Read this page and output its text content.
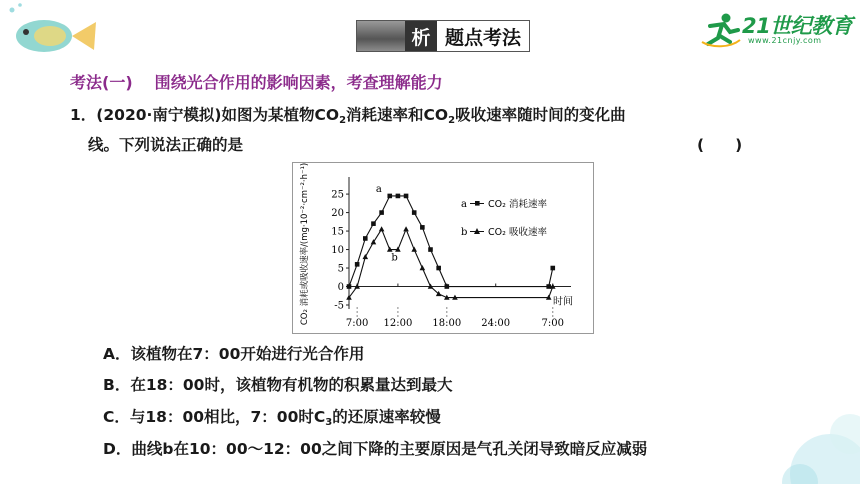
析 题点考法	21世纪教育
www.21cnjy.com
考法(一) 围绕光合作用的影响因素，考查理解能力
1．(2020·南宁模拟)如图为某植物$CO_2$消耗速率和$CO_2$吸收速率随时间的变化曲
线。下列说法正确的是	(　　)
25
20
15
10
5
0
-5
7:00 12:00 18:00 24:00	7:00
时间
CO₂ 消耗或吸收速率/(mg·10⁻²·cm⁻²·h⁻¹)	a
b
a CO₂ 消耗速率
b CO₂ 吸收速率
A．该植物在7：00开始进行光合作用
B．在18：00时，该植物有机物的积累量达到最大
C．与18：00相比，7：00时$C_3$的还原速率较慢
D．曲线b在10：00～12：00之间下降的主要原因是气孔关闭导致暗反应减弱
